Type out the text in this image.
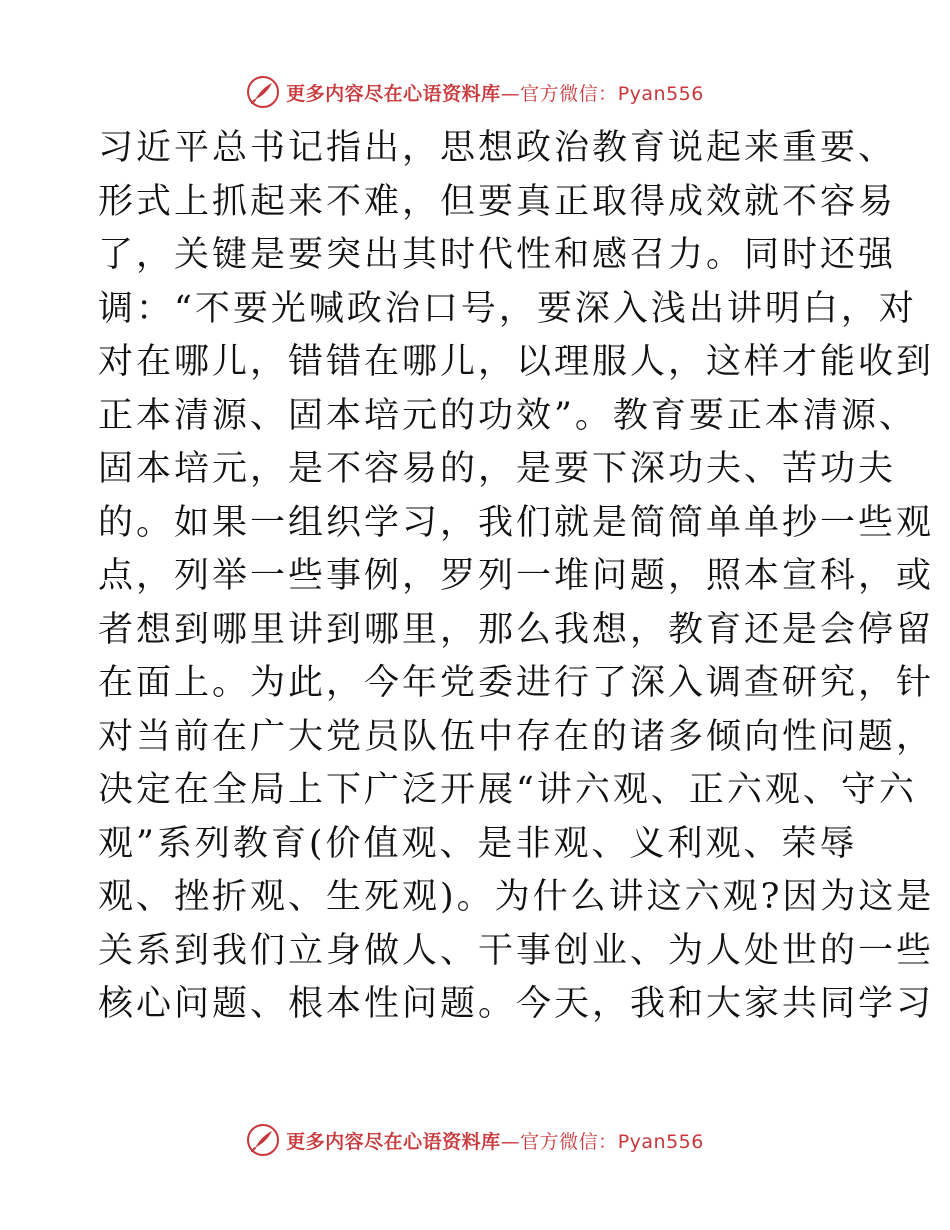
更多内容尽在心语资料库—官方微信：Pyan556
习近平总书记指出，思想政治教育说起来重要、
形式上抓起来不难，但要真正取得成效就不容易
了，关键是要突出其时代性和感召力。同时还强
调：“不要光喊政治口号，要深入浅出讲明白，对
对在哪儿，错错在哪儿，以理服人，这样才能收到
正本清源、固本培元的功效”。教育要正本清源、
固本培元，是不容易的，是要下深功夫、苦功夫
的。如果一组织学习，我们就是简简单单抄一些观
点，列举一些事例，罗列一堆问题，照本宣科，或
者想到哪里讲到哪里，那么我想，教育还是会停留
在面上。为此，今年党委进行了深入调查研究，针
对当前在广大党员队伍中存在的诸多倾向性问题，
决定在全局上下广泛开展“讲六观、正六观、守六
观”系列教育(价值观、是非观、义利观、荣辱
观、挫折观、生死观)。为什么讲这六观?因为这是
关系到我们立身做人、干事创业、为人处世的一些
核心问题、根本性问题。今天，我和大家共同学习
更多内容尽在心语资料库—官方微信：Pyan556
